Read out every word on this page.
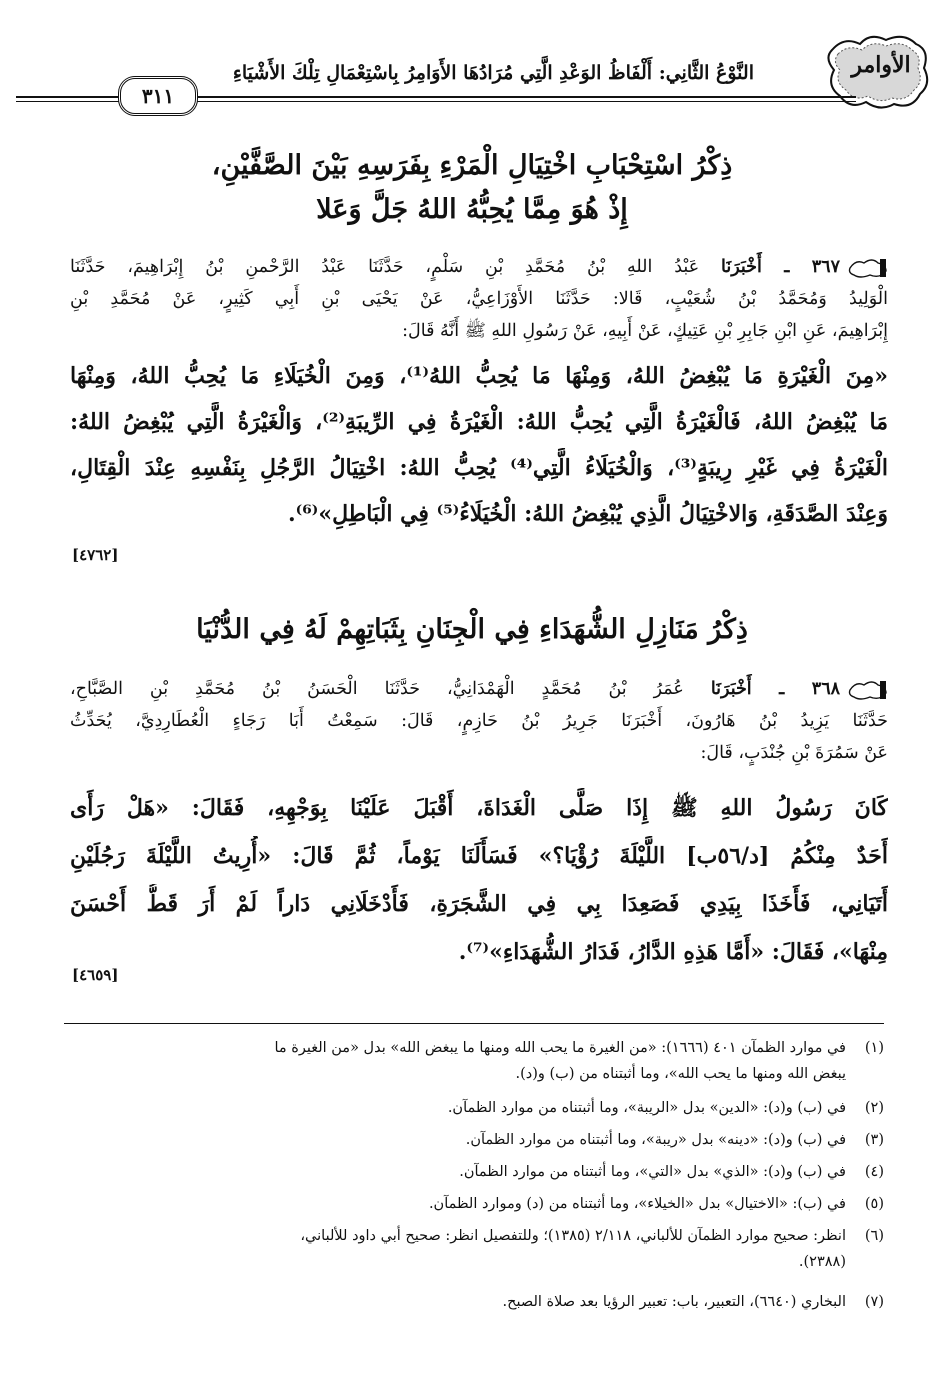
الأوامر
النَّوْعُ الثَّانِي: أَلْفَاظُ الوَعْدِ الَّتِي مُرَادُهَا الأَوَامِرُ بِاسْتِعْمَالِ تِلْكَ الأَشْيَاءِ
٣١١
ذِكْرُ اسْتِحْبَابِ اخْتِيَالِ الْمَرْءِ بِفَرَسِهِ بَيْنَ الصَّفَّيْنِ،
إِذْ هُوَ مِمَّا يُحِبُّهُ اللهُ جَلَّ وَعَلا
٣٦٧ ـ أَخْبَرَنَا عَبْدُ اللهِ بْنُ مُحَمَّدِ بْنِ سَلْمٍ، حَدَّثَنَا عَبْدُ الرَّحْمنِ بْنُ إِبْرَاهِيمَ، حَدَّثَنَا
الْوَلِيدُ وَمُحَمَّدُ بْنُ شُعَيْبٍ، قَالا: حَدَّثَنَا الأَوْزَاعِيُّ، عَنْ يَحْيَى بْنِ أَبِي كَثِيرٍ، عَنْ مُحَمَّدِ بْنِ
إِبْرَاهِيمَ، عَنِ ابْنِ جَابِرِ بْنِ عَتِيكٍ، عَنْ أَبِيهِ، عَنْ رَسُولِ اللهِ ﷺ أَنَّهُ قَالَ:
«مِنَ الْغَيْرَةِ مَا يُبْغِضُ اللهُ، وَمِنْهَا مَا يُحِبُّ اللهُ⁽¹⁾، وَمِنَ الْخُيَلَاءِ مَا يُحِبُّ اللهُ، وَمِنْهَا
مَا يُبْغِضُ اللهُ، فَالْغَيْرَةُ الَّتِي يُحِبُّ اللهُ: الْغَيْرَةُ فِي الرِّيبَةِ⁽²⁾، وَالْغَيْرَةُ الَّتِي يُبْغِضُ اللهُ:
الْغَيْرَةُ فِي غَيْرِ رِيبَةٍ⁽³⁾، وَالْخُيَلَاءُ الَّتِي⁽⁴⁾ يُحِبُّ اللهُ: اخْتِيَالُ الرَّجُلِ بِنَفْسِهِ عِنْدَ الْقِتَالِ،
وَعِنْدَ الصَّدَقَةِ، وَالاخْتِيَالُ الَّذِي يُبْغِضُ اللهُ: الْخُيَلَاءُ⁽⁵⁾ فِي الْبَاطِلِ»⁽⁶⁾.
[٤٧٦٢]
ذِكْرُ مَنَازِلِ الشُّهَدَاءِ فِي الْجِنَانِ بِثَبَاتِهِمْ لَهُ فِي الدُّنْيَا
٣٦٨ ـ أَخْبَرَنَا عُمَرُ بْنُ مُحَمَّدٍ الْهَمْدَانِيُّ، حَدَّثَنَا الْحَسَنُ بْنُ مُحَمَّدِ بْنِ الصَّبَّاحِ،
حَدَّثَنَا يَزِيدُ بْنُ هَارُونَ، أَخْبَرَنَا جَرِيرُ بْنُ حَازِمٍ، قَالَ: سَمِعْتُ أَبَا رَجَاءٍ الْعُطَارِدِيَّ، يُحَدِّثُ
عَنْ سَمُرَةَ بْنِ جُنْدَبٍ، قَالَ:
كَانَ رَسُولُ اللهِ ﷺ إِذَا صَلَّى الْغَدَاةَ، أَقْبَلَ عَلَيْنَا بِوَجْهِهِ، فَقَالَ: «هَلْ رَأَى
أَحَدٌ مِنْكُمُ [د/٥٦ب] اللَّيْلَةَ رُؤْيَا؟» فَسَأَلَنَا يَوْماً، ثُمَّ قَالَ: «أُرِيتُ اللَّيْلَةَ رَجُلَيْنِ
أَتَيَانِي، فَأَخَذَا بِيَدِي فَصَعِدَا بِي فِي الشَّجَرَةِ، فَأَدْخَلَانِي دَاراً لَمْ أَرَ قَطُّ أَحْسَنَ
مِنْهَا»، فَقَالَ: «أَمَّا هَذِهِ الدَّارُ، فَدَارُ الشُّهَدَاءِ»⁽⁷⁾.
[٤٦٥٩]
(١)في موارد الظمآن ٤٠١ (١٦٦٦): «من الغيرة ما يحب الله ومنها ما يبغض الله» بدل «من الغيرة ما
يبغض الله ومنها ما يحب الله»، وما أثبتناه من (ب) و(د).
(٢)في (ب) و(د): «الدين» بدل «الريبة»، وما أثبتناه من موارد الظمآن.
(٣)في (ب) و(د): «دينه» بدل «ريبة»، وما أثبتناه من موارد الظمآن.
(٤)في (ب) و(د): «الذي» بدل «التي»، وما أثبتناه من موارد الظمآن.
(٥)في (ب): «الاختيال» بدل «الخيلاء»، وما أثبتناه من (د) وموارد الظمآن.
(٦)انظر: صحيح موارد الظمآن للألباني، ٢/١١٨ (١٣٨٥)؛ وللتفصيل انظر: صحيح أبي داود للألباني،
(٢٣٨٨).
(٧)البخاري (٦٦٤٠)، التعبير، باب: تعبير الرؤيا بعد صلاة الصبح.
